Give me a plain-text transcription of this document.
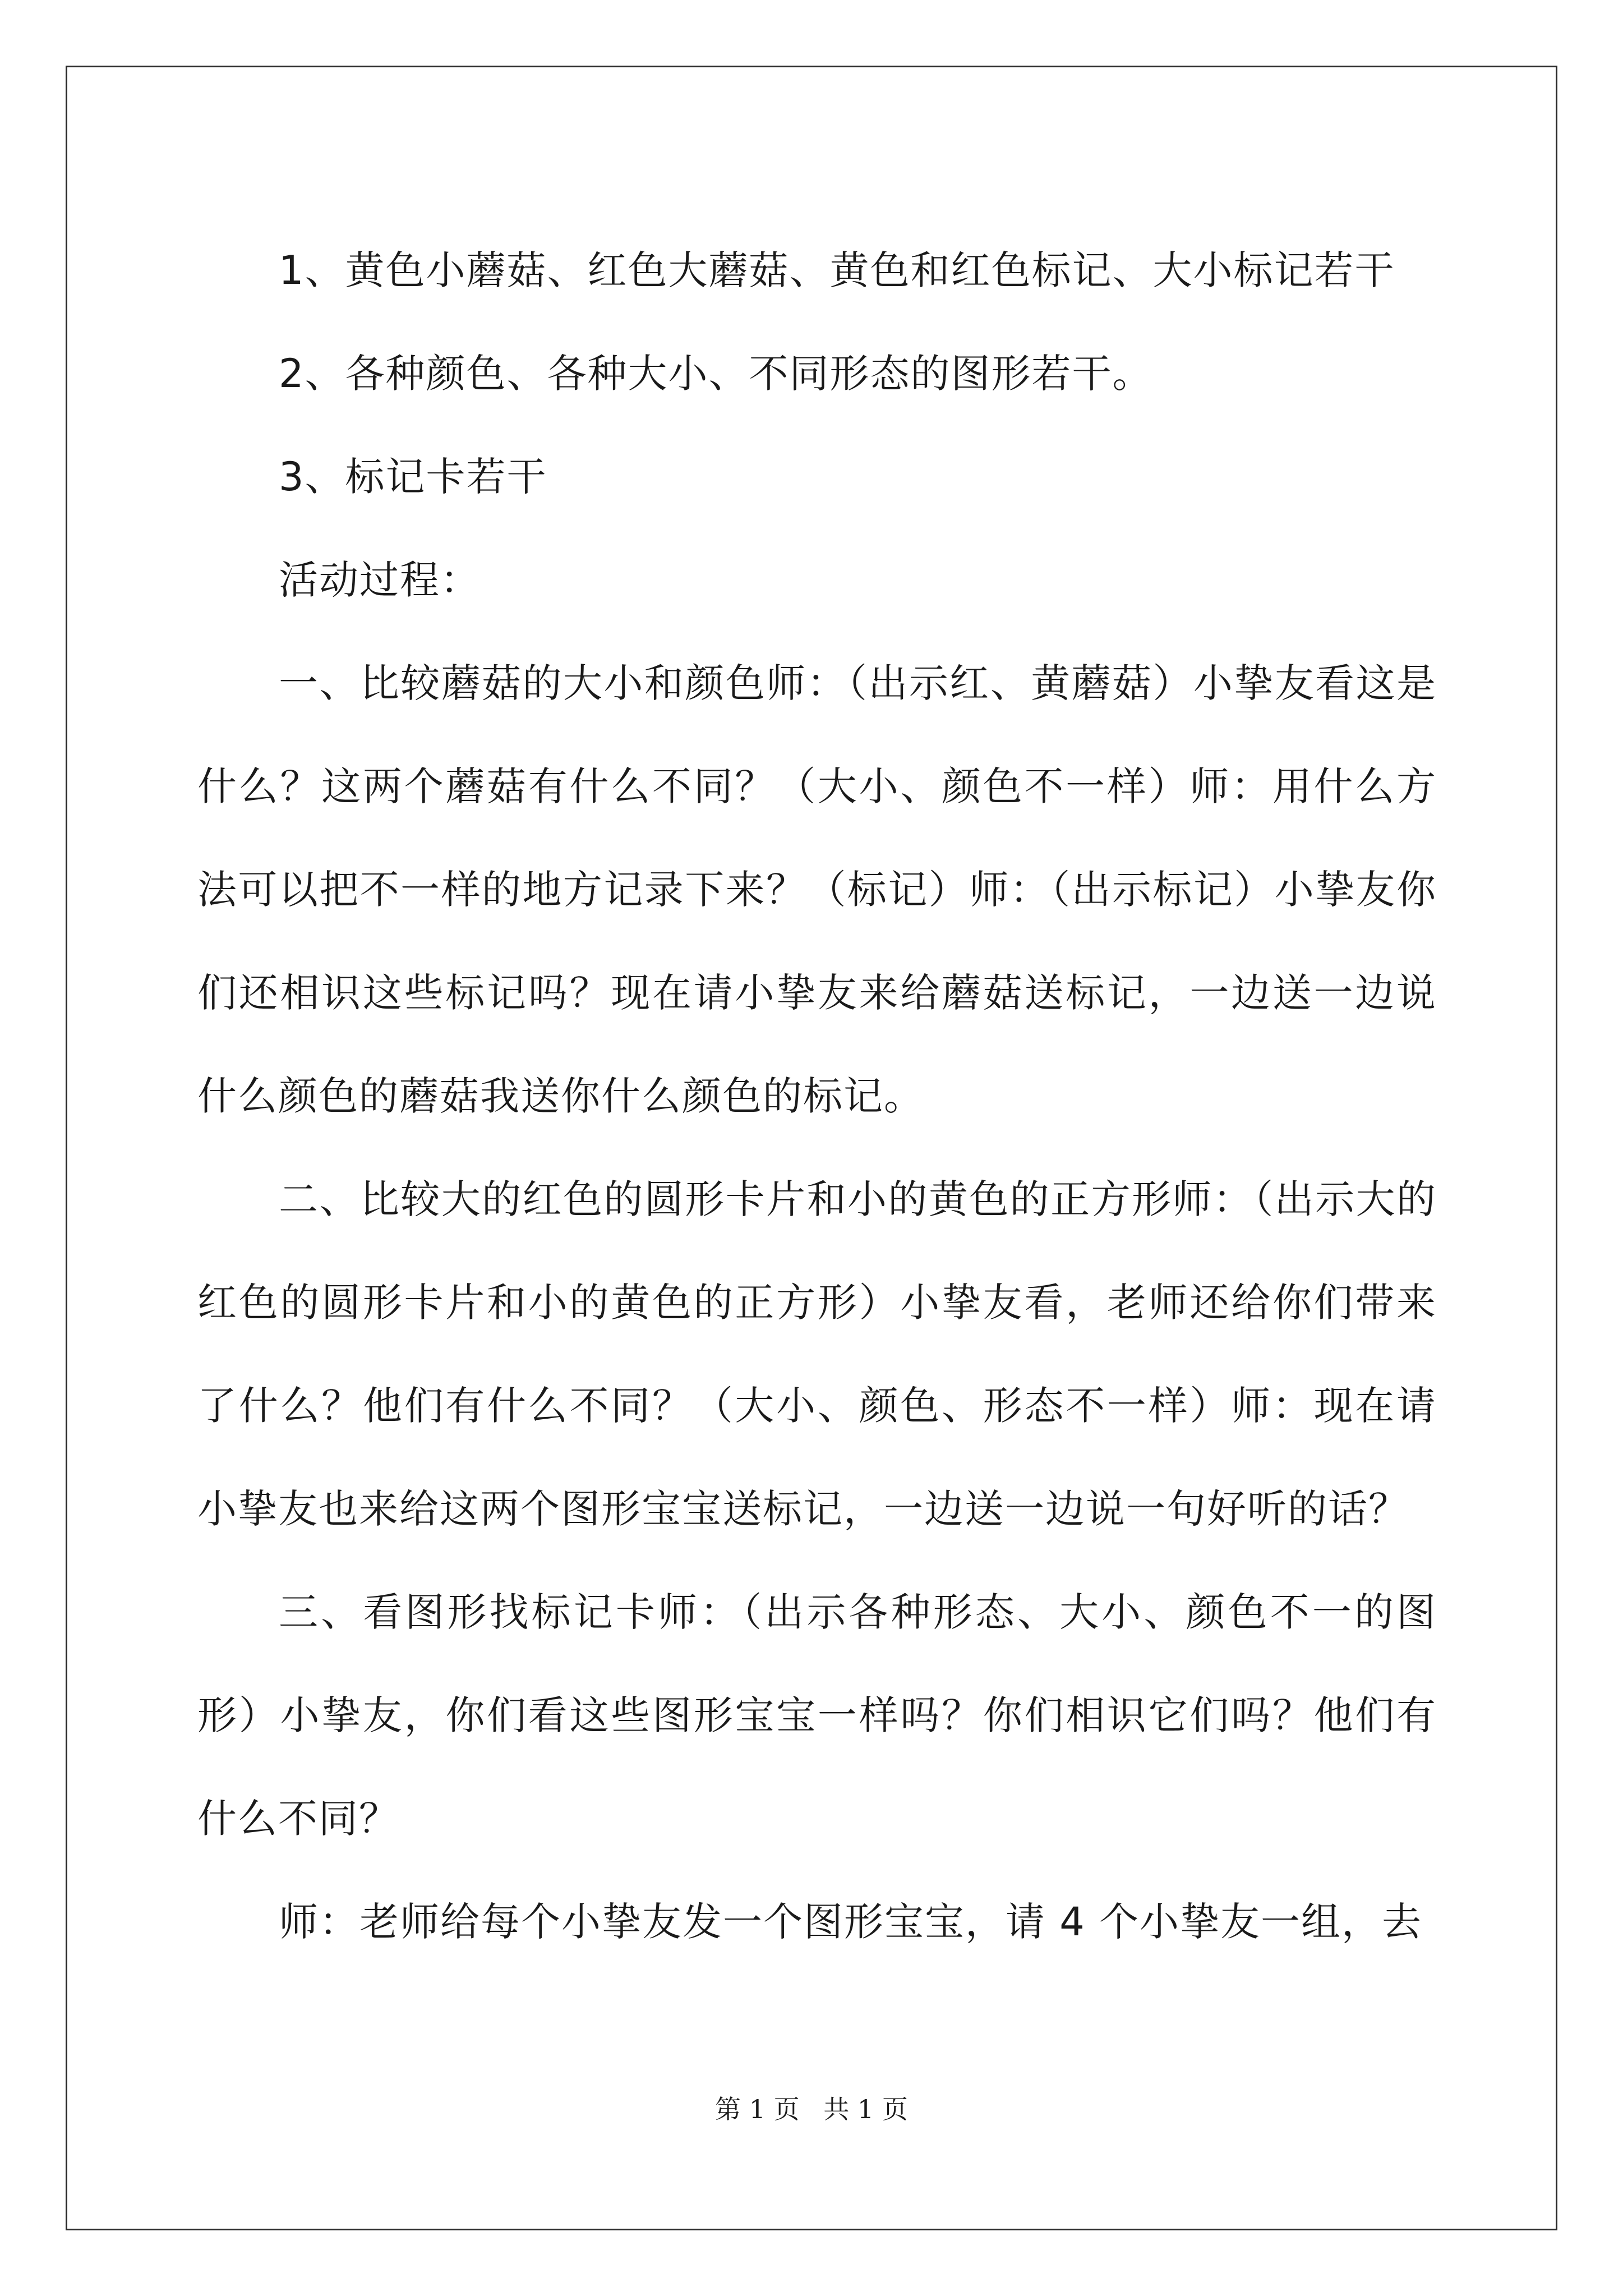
1、黄色小蘑菇、红色大蘑菇、黄色和红色标记、大小标记若干

2、各种颜色、各种大小、不同形态的图形若干。

3、标记卡若干

活动过程：

一、比较蘑菇的大小和颜色师：（出示红、黄蘑菇）小挚友看这是什么？这两个蘑菇有什么不同？（大小、颜色不一样）师：用什么方法可以把不一样的地方记录下来？（标记）师：（出示标记）小挚友你们还相识这些标记吗？现在请小挚友来给蘑菇送标记，一边送一边说什么颜色的蘑菇我送你什么颜色的标记。

二、比较大的红色的圆形卡片和小的黄色的正方形师：（出示大的红色的圆形卡片和小的黄色的正方形）小挚友看，老师还给你们带来了什么？他们有什么不同？（大小、颜色、形态不一样）师：现在请小挚友也来给这两个图形宝宝送标记，一边送一边说一句好听的话？

三、看图形找标记卡师：（出示各种形态、大小、颜色不一的图形）小挚友，你们看这些图形宝宝一样吗？你们相识它们吗？他们有什么不同？

师：老师给每个小挚友发一个图形宝宝，请 4 个小挚友一组，去

第 1 页 共 1 页
